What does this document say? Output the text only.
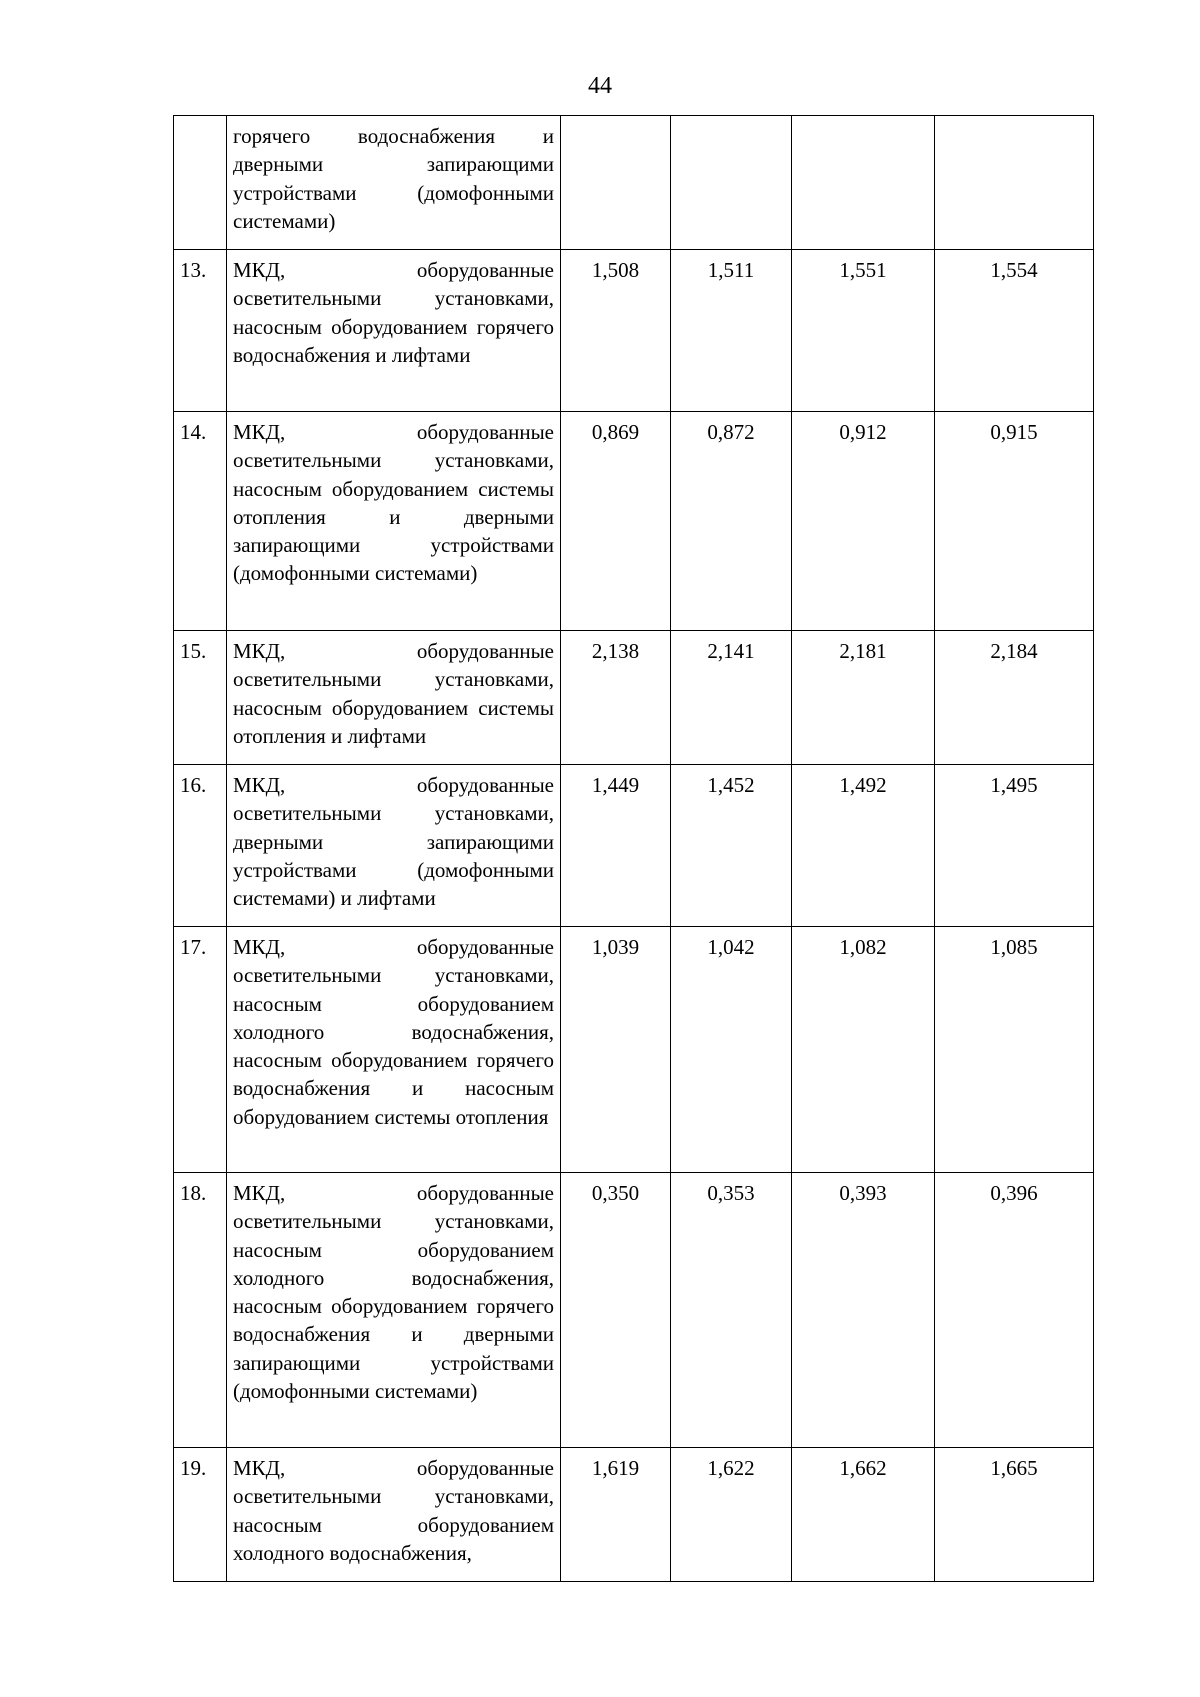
44
	горячего водоснабжения и дверными запирающими устройствами (домофонными системами)				
13.	МКД, оборудованные осветительными установками, насосным оборудованием горячего водоснабжения и лифтами	1,508	1,511	1,551	1,554
14.	МКД, оборудованные осветительными установками, насосным оборудованием системы отопления и дверными запирающими устройствами (домофонными системами)	0,869	0,872	0,912	0,915
15.	МКД, оборудованные осветительными установками, насосным оборудованием системы отопления и лифтами	2,138	2,141	2,181	2,184
16.	МКД, оборудованные осветительными установками, дверными запирающими устройствами (домофонными системами) и лифтами	1,449	1,452	1,492	1,495
17.	МКД, оборудованные осветительными установками, насосным оборудованием холодного водоснабжения, насосным оборудованием горячего водоснабжения и насосным оборудованием системы отопления	1,039	1,042	1,082	1,085
18.	МКД, оборудованные осветительными установками, насосным оборудованием холодного водоснабжения, насосным оборудованием горячего водоснабжения и дверными запирающими устройствами (домофонными системами)	0,350	0,353	0,393	0,396
19.	МКД, оборудованные осветительными установками, насосным оборудованием холодного водоснабжения,	1,619	1,622	1,662	1,665
